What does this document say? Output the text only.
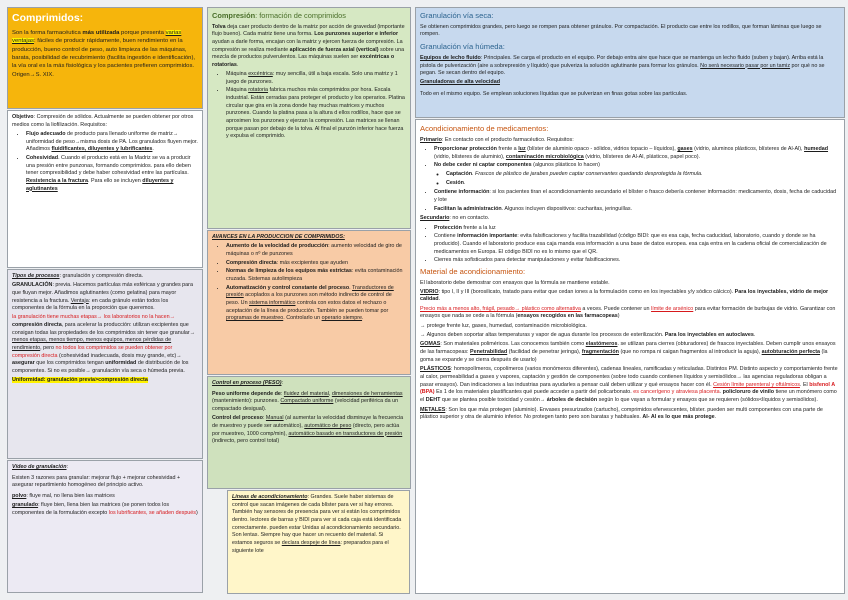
Comprimidos:

Son la forma farmacéutica más utilizada porque presenta varias ventajas: fáciles de producir rápidamente, buen rendimiento en la producción, bueno control de peso, auto limpieza de las máquinas, barata, posibilidad de recubrimiento (facilita ingestión e identificación), la vía oral es la más fisiológica y los pacientes prefieren comprimidos. Origen→S. XIX.

Objetivo: Compresión de sólidos. Actualmente se pueden obtener por otros medios como la liofilización. Requisitos:

• Flujo adecuado de producto para llenado uniforme de matriz→ uniformidad de peso→misma dosis de PA. Los granulados fluyen mejor. Añadimos fluidificantes, diluyentes y lubrificantes.
• Cohesividad. Cuando el producto está en la Madriz se va a producir una presión entre punzonas, formando comprimidos. para ello deben tener compresibilidad y debe haber cohesividad entre las partículas. Resistencia a la fractura. Para ello se incluyen diluyentes y aglutinantes

Tipos de procesos: granulación y compresión directa.

GRANULACIÓN: previa. Hacemos partículas más esféricas y grandes para que fluyan mejor. Añadimos aglutinantes (como gelatina) para mayor resistencia a la fractura. Ventaja: en cada gránulo están todos los componentes de la fórmula en la proporción que queremos.

la granulación tiene muchas etapas→ los laboratorios no la hacen→ compresión directa, para acelerar la producción: utilizan excipientes que consigan todas las propiedades de los comprimidos sin tener que granular→ menos etapas, menos tiempo, menos equipos, menos pérdidas de rendimiento, pero no todos los comprimidos se pueden obtener por compresión directa (cohesividad inadecuada, dosis muy grande, etc)→ asegurar que los comprimidos tengan uniformidad de distribución de los componentes. Si no es posible→ granulación vía seca o húmeda previa.

Uniformidad: granulación previa>compresión directa

Vídeo de granulación:

Existen 3 razones para granular: mejorar flujo + mejorar cohesividad + asegurar repartimiento homogéneo del principio activo.

polvo: fluye mal, no llena bien las matrices

granulado: fluye bien, llena bien las matrices (se ponen todos los componentes de la formulación excepto los lubrificantes, se añaden después)

Compresión: formación de comprimidos

Tolva deja caer producto dentro de la matriz por acción de gravedad (importante flujo bueno). Cada matriz tiene una forma. Los punzones superior e inferior ayudan a darle forma, encajan con la matriz y ejercen fuerza de compresión. La compresión se realiza mediante aplicación de fuerza axial (vertical) sobre una mezcla de productos pulverulentos. Las máquinas suelen ser excéntricas o rotatorias.

• Máquina excéntrica: muy sencilla, útil a baja escala. Solo una matriz y 1 juego de punzones.
• Máquina rotatoria fabrica muchos más comprimidos por hora. Escala industrial. Están cerradas para proteger el producto y los operarios. Platina circular que gira en la zona donde hay muchas matrices y muchos punzones. Cuando la platina pasa a la altura d ellos rodillos, hace que se aproximen los punzones y ejerzan la compresión. Las matrices se llenan porque pasan por debajo de la tolva. Al final el punzón inferior hace fuerza y expulsa el comprimido.

AVANCES EN LA PRODUCCION DE COMPRIMIDOS:

• Aumento de la velocidad de producción: aumento velocidad de giro de máquinas o nº de punzones
• Compresión directa: más excipientes que ayuden
• Normas de limpieza de los equipos más estrictas: evita contaminación cruzada. Sistemas autolimpieza
• Automatización y control constante del proceso. Transductores de presión acoplados a los punzones son método indirecto de control de peso. Un sistema informático controla con estos datos el rechazo o aceptación de la línea de producción. También se pueden tomar por programas de muestreo. Controlarlo un operario siempre.

Control en proceso (PESO):

Peso uniforme depende de: fluidez del material, dimensiones de herramientas (mantenimiento): punzones. Compactado uniforme (velocidad periférica da un compactado desigual).

Control del proceso: Manual (al aumentar la velocidad disminuye la frecuencia de muestreo y puede ser automático), automático de peso (directo, pero actúa por muestreo, 1000 comp/min), automático basado en transductores de presión (indirecto, pero control total)

Líneas de acondicionamiento: Grandes. Suele haber sistemas de control que sacan imágenes de cada blíster para ver si hay errores. También hay sensores de presencia para ver si están los comprimidos dentro. lectores de barras y BIDI para ver si cada caja está identificada correctamente. pueden estar Unidas al acondicionamiento secundario. Son lentas. Siempre hay que hacer un recuento del material. Si estamos seguros se declara despeje de línea: preparados para el siguiente lote

Granulación vía seca:

Se obtienen comprimidos grandes, pero luego se rompen para obtener gránulos. Por compactación. El producto cae entre los rodillos, que forman láminas que luego se rompen.

Granulación vía húmeda:

Equipos de lecho fluido: Principales. Se carga el producto en el equipo. Por debajo entra aire que hace que se mantenga un lecho fluido (suben y bajan). Arriba está la pistola de pulverización (aire a sobrepresión y líquido) que pulveriza la solución aglutinante para formar los gránulos. No será necesario pasar por un tamiz por qué no se pegan. Se secan dentro del equipo.

Granuladoras de alta velocidad

Todo en el mismo equipo. Se emplean soluciones líquidas que se pulverizan en finas gotas sobre las partículas.

Acondicionamiento de medicamentos:

Primario: En contacto con el producto farmacéutico. Requisitos:

• Proporcionar protección frente a luz (blíster de aluminio opaco - sólidos, vidrios topacio – líquidos), gases (vidrio, aluminos plásticos, blísteres de Al-Al), humedad (vidrio, blísteres de aluminio), contaminación microbiológica (vidrio, blísteres de Al-Al, plásticos, papel poco).
• No debe ceder ni captar componentes (algunos plásticos lo hacen)
◦ Captación. Frascos de plástico de jarabes pueden captar conservantes quedando desprotegida la fórmula.
◦ Cesión.
• Contiene información: si los pacientes tiran el acondicionamiento secundario el blíster o frasco debería contener información: medicamento, dosis, fecha de caducidad y lote
• Facilitan la administración. Algunos incluyen dispositivos: cucharitas, jeringuillas.

Secundario: no en contacto.

• Protección frente a la luz
• Contiene información importante: evita falsificaciones y facilita trazabilidad (código BIDI: que es esa caja, fecha caducidad, laboratorio, cuando y donde se ha producido). Cuando el laboratorio produce esa caja manda esa información a una base de datos europea. esa caja entra en la cadena oficial de comercialización de medicamentos en Europa. El código BIDI no es lo mismo que el QR.
• Cierres más sofisticados para detectar manipulaciones y evitar falsificaciones.
Material de acondicionamiento:

El laboratorio debe demostrar con ensayos que la fórmula se mantiene estable.

VIDRIO: tipo I, II y III (borosilicato, tratado para evitar que cedan iones a la formulación como en los inyectables y/y sódico cálcico). Para los inyectables, vidrio de mejor calidad.

Precio más a menos alto, frágil, pesado→ plástico como alternativa a veces. Puede contener un límite de arsénico para evitar formación de burbujas de vidrio. Garantizar con ensayos que nada se cede a la fórmula (ensayos recogidos en las farmacopeas)

→ protege frente luz, gases, humedad, contaminación microbiológica.

→ Algunos deben soportar altas temperaturas y vapor de agua durante los procesos de esterilización. Para los inyectables en autoclaves.

GOMAS: Son materiales poliméricos. Las conocemos también como elastómeros. se utilizan para cierres (obturadores) de frascos inyectables. Deben cumplir unos ensayos de las farmacopeas: Penetrabilidad (facilidad de penetrar jeringa), fragmentación (que no rompa ni caigan fragmentos al introducir la aguja), autobturación perfecta (la goma se expande y se cierra después de usarlo)

PLÁSTICOS: homopolímeros, copolímeros (varios monómeros diferentes), cadenas lineales, ramificadas y reticuladas. Distintos PM. Distinto aspecto y comportamiento frente al calor, permeabilidad a gases y vapores, captación y gestión de componentes (sobre todo cuando contienen líquidos y semisólidos→ las agencias reguladoras obligan a pasar ensayos). Dan indicaciones a las industrias para ayudarles a pensar cuál deben utilizar y qué ensayos hacer con él. Cesión límite parenteral y oftálmicos. El bisfenol A (BPA) Es 1 de los materiales plastificantes qué puede acceder a partir del policarbonato. es cancerígeno y atraviesa placenta. policloruro de vinilo tiene un monómero como el DEHT que se plantea posible toxicidad y cesión→ árboles de decisión según lo que vayan a formular y ensayos que se requieren (sólidos<líquidos y semisólidos).

METALES: Son los que más protegen (aluminio). Envases presurizados (cartucho), comprimidos efervescentes, blíster. pueden ser multi componentes con una parte de plástico superior y otra de aluminio inferior. No protegen tanto pero son baratas y habituales. Al- Al es lo que más protege.
